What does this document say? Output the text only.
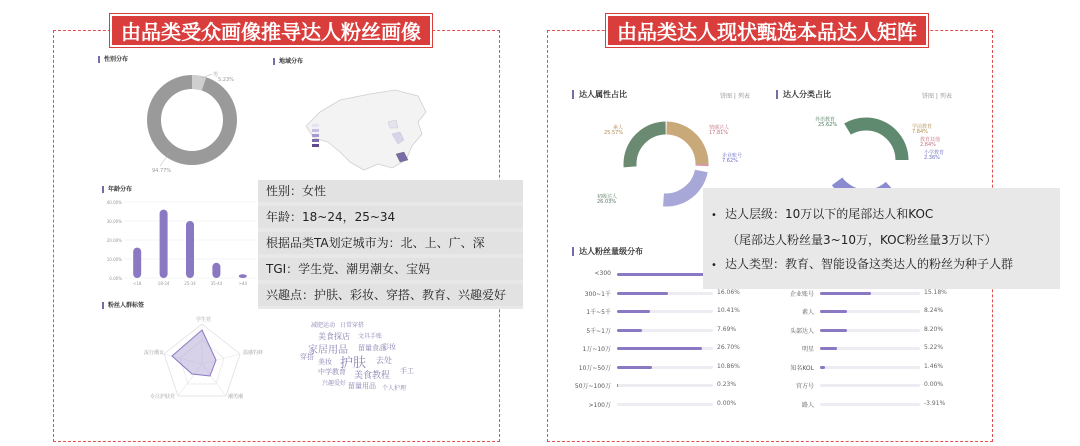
由品类受众画像推导达人粉丝画像	由品类达人现状甄选本品达人矩阵
性别分布
男
5.23%
94.77%
地域分布
年龄分布
40.00%
30.00%
20.00%
10.00%
0.00%
<18	18-24	25-34	35-44	>44
粉丝人群标签
学生党
温感钓虾
潮男潮
专注护肤党
流行潮女
减肥运动 日常穿搭
美食探店 文具手账
家居用品 留量食品
护肤 去处
中学教育 美食教程 手工
兴趣爱好 留量用品 个人护理
美妆
彩妆
穿搭
性别：女性
年龄：18~24，25~34
根据品类TA划定城市为：北、上、广、深
TGI：学生党、潮男潮女、宝妈
兴趣点：护肤、彩妆、穿搭、教育、兴趣爱好
达人属性占比	饼图 | 列表
素人
25.57%
情感达人
17.81%
企业账号
7.62%
初级达人
26.03%
达人分类占比	饼图 | 列表
外语教育
25.62%	学前教育
7.84%
教育其他
2.84%
小学教育
2.36%
达人粉丝量级分布
<300
300~1千	16.06%
1千~5千	10.41%
5千~1万	7.69%
1万~10万	26.70%
10万~50万	10.86%
50万~100万	0.23%
>100万	0.00%
企业账号	15.18%
素人	8.24%
头部达人	8.20%
明星	5.22%
知名KOL	1.46%
官方号	0.00%
路人	-3.91%
• 达人层级：10万以下的尾部达人和KOC
（尾部达人粉丝量3~10万，KOC粉丝量3万以下）
• 达人类型：教育、智能设备这类达人的粉丝为种子人群
